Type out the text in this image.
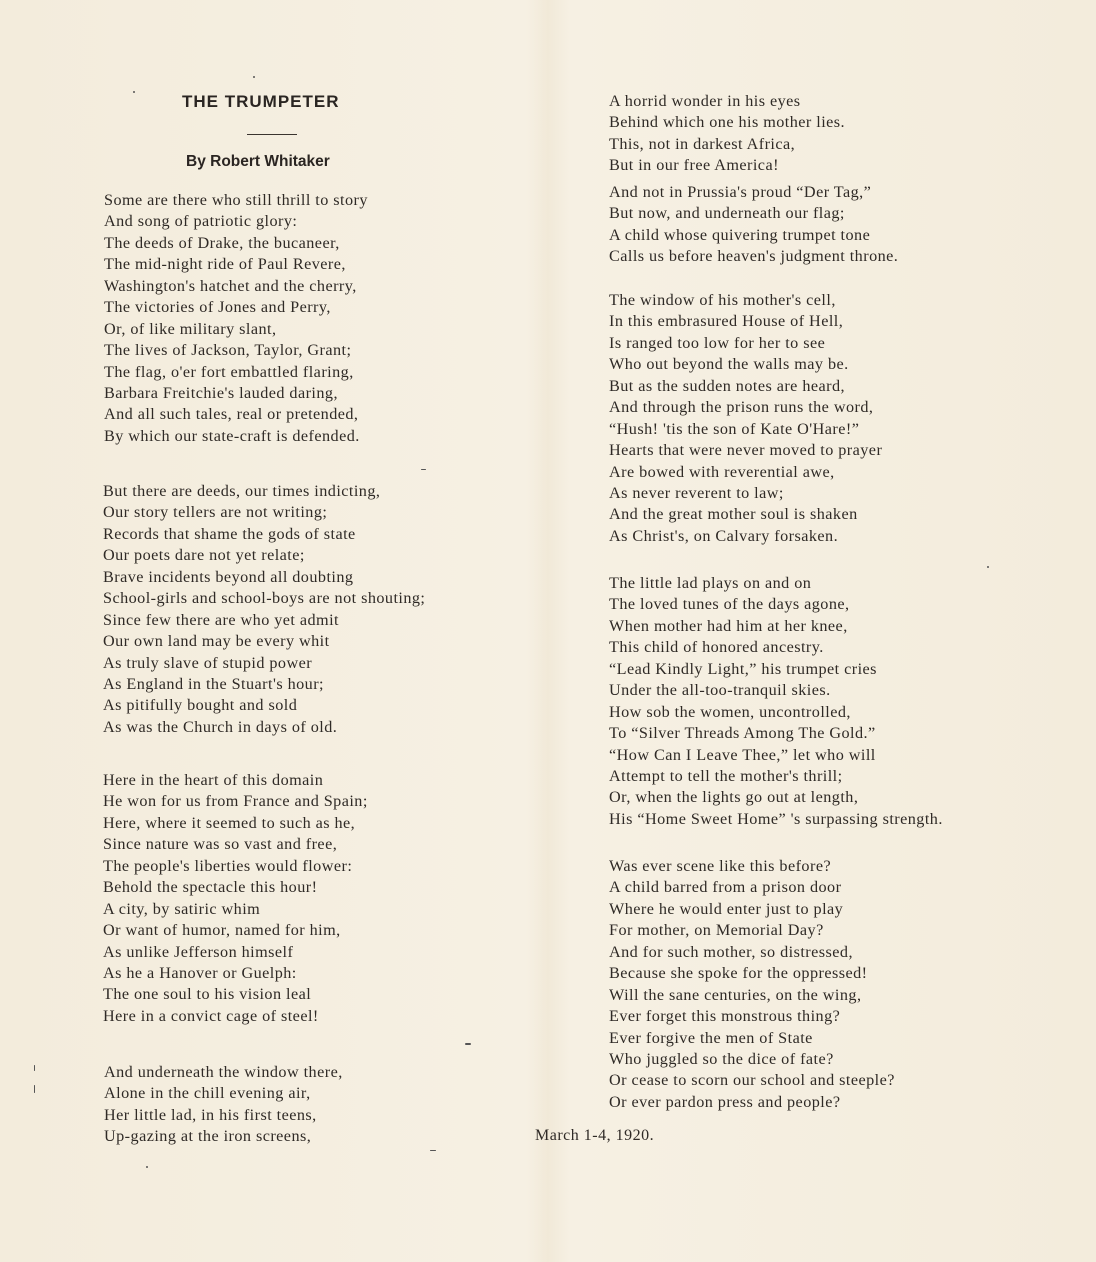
THE TRUMPETER
By Robert Whitaker
Some are there who still thrill to story
And song of patriotic glory:
The deeds of Drake, the bucaneer,
The mid-night ride of Paul Revere,
Washington's hatchet and the cherry,
The victories of Jones and Perry,
Or, of like military slant,
The lives of Jackson, Taylor, Grant;
The flag, o'er fort embattled flaring,
Barbara Freitchie's lauded daring,
And all such tales, real or pretended,
By which our state-craft is defended.
But there are deeds, our times indicting,
Our story tellers are not writing;
Records that shame the gods of state
Our poets dare not yet relate;
Brave incidents beyond all doubting
School-girls and school-boys are not shouting;
Since few there are who yet admit
Our own land may be every whit
As truly slave of stupid power
As England in the Stuart's hour;
As pitifully bought and sold
As was the Church in days of old.
Here in the heart of this domain
He won for us from France and Spain;
Here, where it seemed to such as he,
Since nature was so vast and free,
The people's liberties would flower:
Behold the spectacle this hour!
A city, by satiric whim
Or want of humor, named for him,
As unlike Jefferson himself
As he a Hanover or Guelph:
The one soul to his vision leal
Here in a convict cage of steel!
And underneath the window there,
Alone in the chill evening air,
Her little lad, in his first teens,
Up-gazing at the iron screens,
A horrid wonder in his eyes
Behind which one his mother lies.
This, not in darkest Africa,
But in our free America!
And not in Prussia's proud “Der Tag,”
But now, and underneath our flag;
A child whose quivering trumpet tone
Calls us before heaven's judgment throne.
The window of his mother's cell,
In this embrasured House of Hell,
Is ranged too low for her to see
Who out beyond the walls may be.
But as the sudden notes are heard,
And through the prison runs the word,
“Hush! 'tis the son of Kate O'Hare!”
Hearts that were never moved to prayer
Are bowed with reverential awe,
As never reverent to law;
And the great mother soul is shaken
As Christ's, on Calvary forsaken.
The little lad plays on and on
The loved tunes of the days agone,
When mother had him at her knee,
This child of honored ancestry.
“Lead Kindly Light,” his trumpet cries
Under the all-too-tranquil skies.
How sob the women, uncontrolled,
To “Silver Threads Among The Gold.”
“How Can I Leave Thee,” let who will
Attempt to tell the mother's thrill;
Or, when the lights go out at length,
His “Home Sweet Home” 's surpassing strength.
Was ever scene like this before?
A child barred from a prison door
Where he would enter just to play
For mother, on Memorial Day?
And for such mother, so distressed,
Because she spoke for the oppressed!
Will the sane centuries, on the wing,
Ever forget this monstrous thing?
Ever forgive the men of State
Who juggled so the dice of fate?
Or cease to scorn our school and steeple?
Or ever pardon press and people?
March 1-4, 1920.
